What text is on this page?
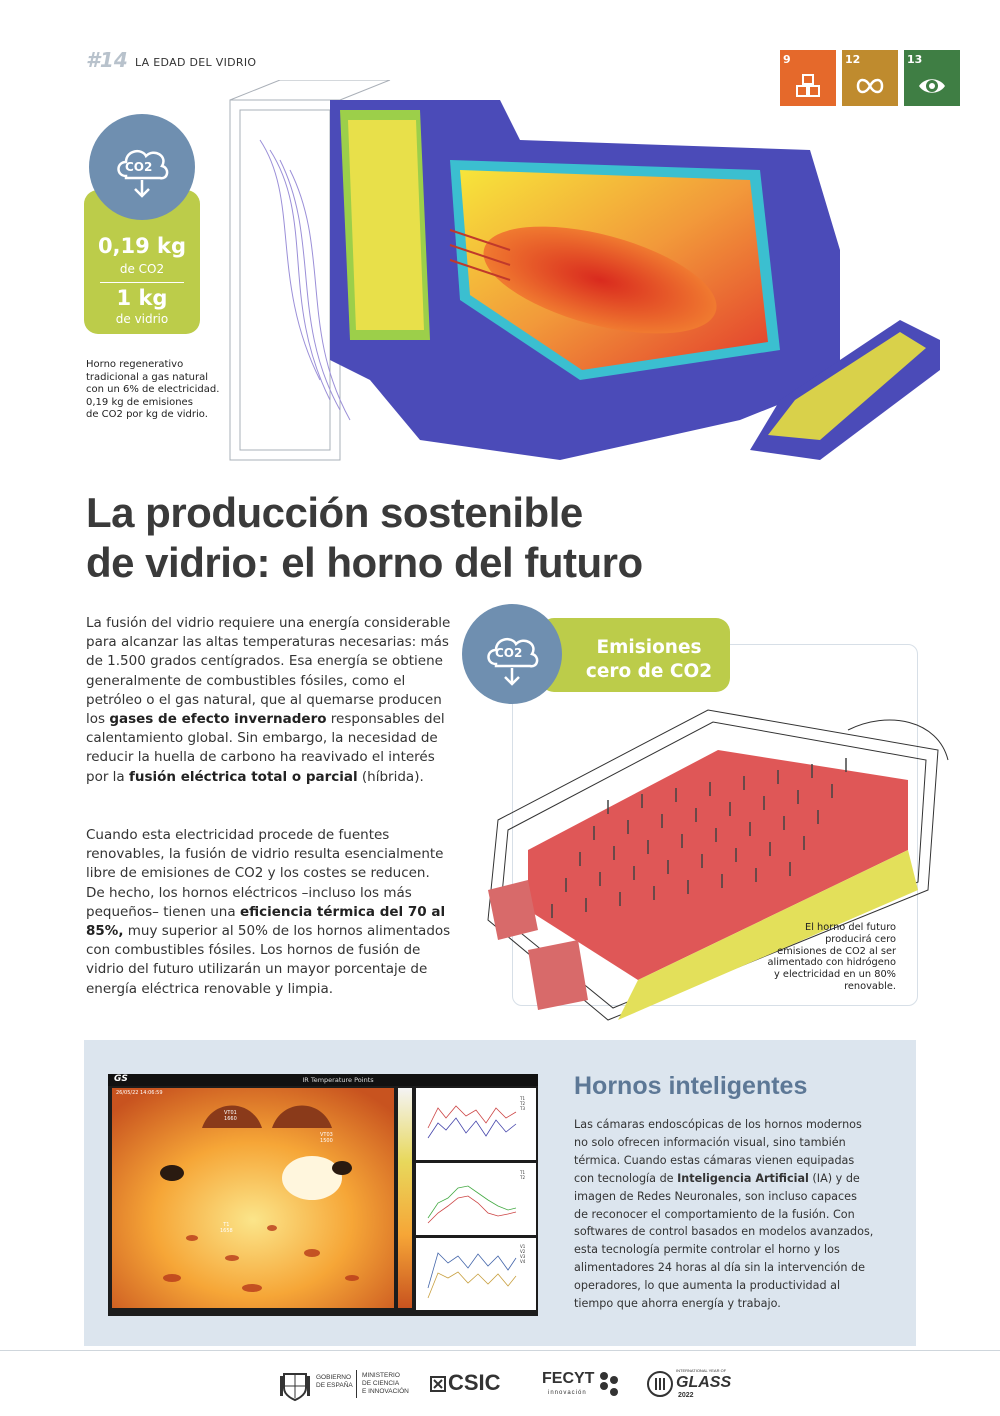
#14 LA EDAD DEL VIDRIO	9	12	13
CO2
0,19 kg
de CO2
1 kg
de vidrio
Horno regenerativo
tradicional a gas natural
con un 6% de electricidad.
0,19 kg de emisiones
de CO2 por kg de vidrio.
La producción sostenible
de vidrio: el horno del futuro
La fusión del vidrio requiere una energía considerable para alcanzar las altas temperaturas necesarias: más de 1.500 grados centígrados. Esa energía se obtiene generalmente de combustibles fósiles, como el petróleo o el gas natural, que al quemarse producen los gases de efecto invernadero responsables del calentamiento global. Sin embargo, la necesidad de reducir la huella de carbono ha reavivado el interés por la fusión eléctrica total o parcial (híbrida).
Cuando esta electricidad procede de fuentes renovables, la fusión de vidrio resulta esencialmente libre de emisiones de CO2 y los costes se reducen. De hecho, los hornos eléctricos –incluso los más pequeños– tienen una eficiencia térmica del 70 al 85%, muy superior al 50% de los hornos alimentados con combustibles fósiles. Los hornos de fusión de vidrio del futuro utilizarán un mayor porcentaje de energía eléctrica renovable y limpia.
CO2	Emisiones
cero de CO2
El horno del futuro
producirá cero
emisiones de CO2 al ser
alimentado con hidrógeno
y electricidad en un 80%
renovable.
GS	IR Temperature Points
26/05/22 14:06:59
VT01
1660
VT03
1500
T1
1658
T1
T2
T3
T1
T2
V1
V2
V3
V4
Hornos inteligentes
Las cámaras endoscópicas de los hornos modernos no solo ofrecen información visual, sino también térmica. Cuando estas cámaras vienen equipadas con tecnología de Inteligencia Artificial (IA) y de imagen de Redes Neuronales, son incluso capaces de reconocer el comportamiento de la fusión. Con softwares de control basados en modelos avanzados, esta tecnología permite controlar el horno y los alimentadores 24 horas al día sin la intervención de operadores, lo que aumenta la productividad al tiempo que ahorra energía y trabajo.
GOBIERNO
DE ESPAÑA
MINISTERIO
DE CIENCIA
E INNOVACIÓN CSIC	FECYT
innovación
INTERNATIONAL YEAR OF
GLASS
2022
